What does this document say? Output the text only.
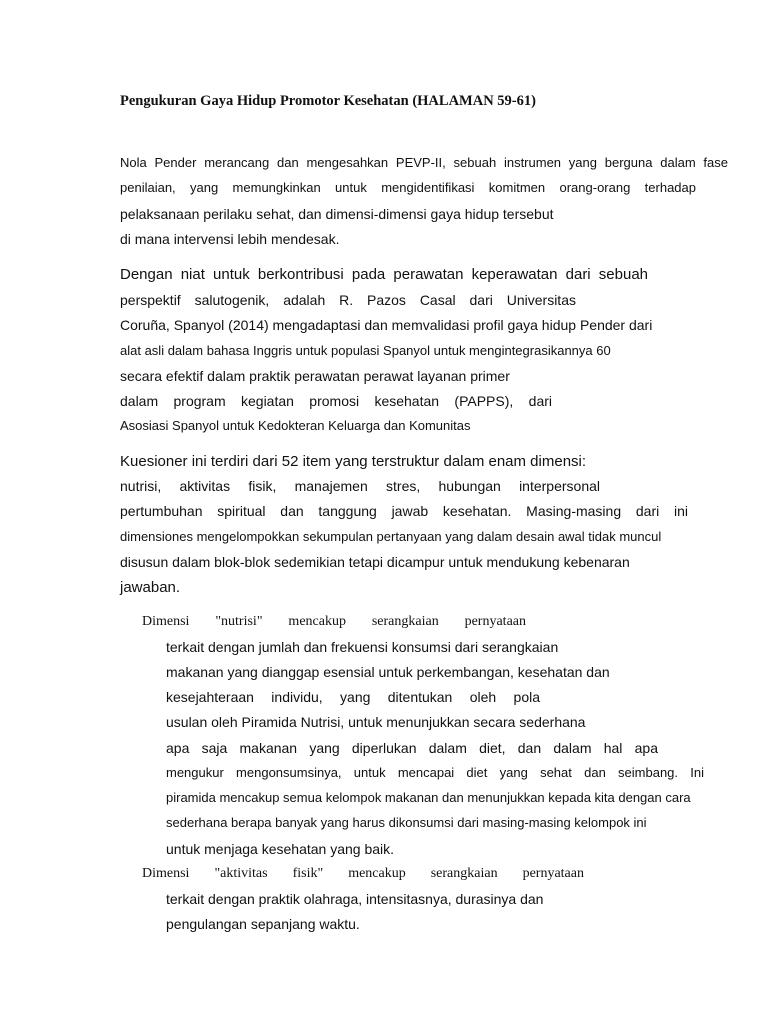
Pengukuran Gaya Hidup Promotor Kesehatan (HALAMAN 59-61)

Nola Pender merancang dan mengesahkan PEVP-II, sebuah instrumen yang berguna dalam fase

penilaian, yang memungkinkan untuk mengidentifikasi komitmen orang-orang terhadap

pelaksanaan perilaku sehat, dan dimensi-dimensi gaya hidup tersebut

di mana intervensi lebih mendesak.

Dengan niat untuk berkontribusi pada perawatan keperawatan dari sebuah

perspektif salutogenik, adalah R. Pazos Casal dari Universitas

Coruña, Spanyol (2014) mengadaptasi dan memvalidasi profil gaya hidup Pender dari

alat asli dalam bahasa Inggris untuk populasi Spanyol untuk mengintegrasikannya 60

secara efektif dalam praktik perawatan perawat layanan primer

dalam program kegiatan promosi kesehatan (PAPPS), dari

Asosiasi Spanyol untuk Kedokteran Keluarga dan Komunitas

Kuesioner ini terdiri dari 52 item yang terstruktur dalam enam dimensi:

nutrisi, aktivitas fisik, manajemen stres, hubungan interpersonal

pertumbuhan spiritual dan tanggung jawab kesehatan. Masing-masing dari ini

dimensiones mengelompokkan sekumpulan pertanyaan yang dalam desain awal tidak muncul

disusun dalam blok-blok sedemikian tetapi dicampur untuk mendukung kebenaran

jawaban.

Dimensi "nutrisi" mencakup serangkaian pernyataan

terkait dengan jumlah dan frekuensi konsumsi dari serangkaian

makanan yang dianggap esensial untuk perkembangan, kesehatan dan

kesejahteraan individu, yang ditentukan oleh pola

usulan oleh Piramida Nutrisi, untuk menunjukkan secara sederhana

apa saja makanan yang diperlukan dalam diet, dan dalam hal apa

mengukur mengonsumsinya, untuk mencapai diet yang sehat dan seimbang. Ini

piramida mencakup semua kelompok makanan dan menunjukkan kepada kita dengan cara

sederhana berapa banyak yang harus dikonsumsi dari masing-masing kelompok ini

untuk menjaga kesehatan yang baik.

Dimensi "aktivitas fisik" mencakup serangkaian pernyataan

terkait dengan praktik olahraga, intensitasnya, durasinya dan

pengulangan sepanjang waktu.
